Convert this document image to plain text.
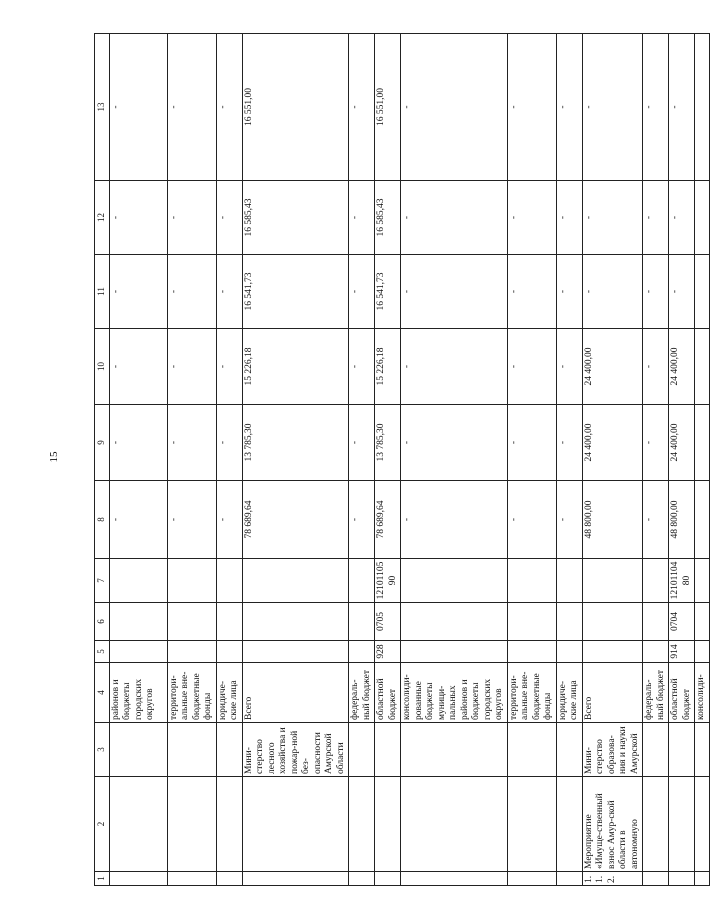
15
1	2	3	4	5	6	7	8	9	10	11	12	13
			районов и бюджеты городских округов				-	-	-	-	-	-
			территори-альные вне-бюджетные фонды				-	-	-	-	-	-
			юридиче-ские лица				-	-	-	-	-	-
		Мини-стерство лесного хозяйства и пожар-ной без-опасности Амурской области	Всего				78 689,64	13 785,30	15 226,18	16 541,73	16 585,43	16 551,00
			федераль-ный бюджет				-	-	-	-	-	-
			областной бюджет	928	0705	1210110590	78 689,64	13 785,30	15 226,18	16 541,73	16 585,43	16 551,00
			консолиди-рованные бюджеты муници-пальных районов и бюджеты городских округов				-	-	-	-	-	-
			территори-альные вне-бюджетные фонды				-	-	-	-	-	-
			юридиче-ские лица				-	-	-	-	-	-
1.1.2.	Мероприятие «Имуще-ственный взнос Амур-ской области в автономную	Мини-стерство образова-ния и науки Амурской	Всего				48 800,00	24 400,00	24 400,00	-	-	-
			федераль-ный бюджет				-	-	-	-	-	-
			областной бюджет	914	0704	1210110480	48 800,00	24 400,00	24 400,00	-	-	-
			консолиди-									
